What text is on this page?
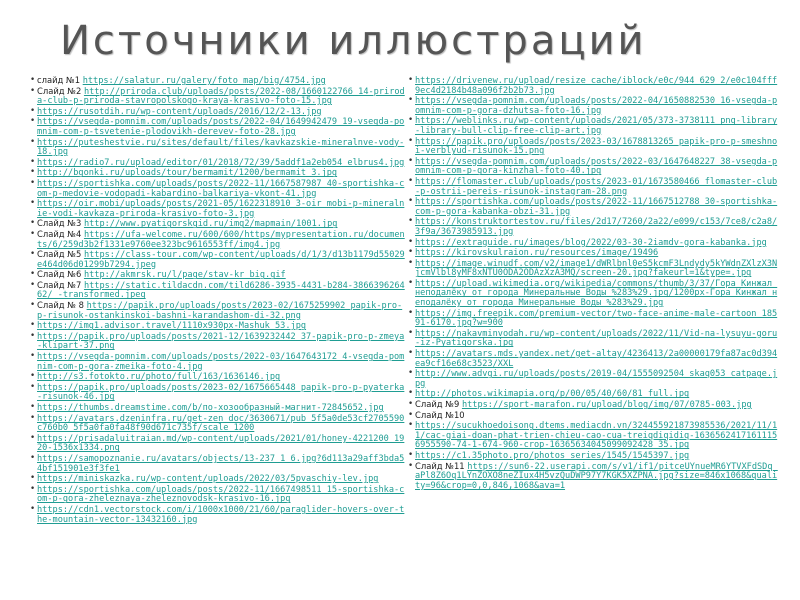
Источники иллюстраций
• слайд №1 https://salatur.ru/galery/foto_map/big/4754.jpg
• Слайд №2 http://priroda.club/uploads/posts/2022-08/1660122766_14-priroda-club-p-priroda-stavropolskogo-kraya-krasivo-foto-15.jpg
• https://rusotdih.ru/wp-content/uploads/2016/12/2-13.jpg
• https://vsegda-pomnim.com/uploads/posts/2022-04/1649942479_19-vsegda-pomnim-com-p-tsvetenie-plodovikh-derevev-foto-28.jpg
• https://puteshestvie.ru/sites/default/files/kavkazskie-mineralnve-vody-18.jpg
• https://radio7.ru/upload/editor/01/2018/72/39/5addf1a2eb054_elbrus4.jpg
• http://bgonki.ru/uploads/tour/bermamit/1200/bermamit_3.jpg
• https://sportishka.com/uploads/posts/2022-11/1667587987_40-sportishka-com-p-medovie-vodopadi-kabardino-balkariya-vkont-41.jpg
• https://oir.mobi/uploads/posts/2021-05/1622318910_3-oir_mobi-p-mineralnie-vodi-kavkaza-priroda-krasivo-foto-3.jpg
• Слайд №3 http://www.pyatigorskgid.ru/img2/mapmain/1001.jpg
• Слайд №4 https://ufa-welcome.ru/600/600/https/mypresentation.ru/documents/6/259d3b2f1331e9760ee323bc9616553ff/img4.jpg
• Слайд №5 https://class-tour.com/wp-content/uploads/d/1/3/d13b1179d55029e464d06d01299b7294.jpeg
• Слайд №6 http://akmrsk.ru/l/page/stav-kr_big.gif
• Слайд №7 https://static.tildacdn.com/tild6286-3935-4431-b284-386639626462/_-transformed.jpeg
• Слайд № 8 https://papik.pro/uploads/posts/2023-02/1675259902_papik-pro-p-risunok-ostankinskoi-bashni-karandashom-di-32.png
• https://img1.advisor.travel/1110x930px-Mashuk_53.jpg
• https://papik.pro/uploads/posts/2021-12/1639232442_37-papik-pro-p-zmeya-klipart-37.png
• https://vsegda-pomnim.com/uploads/posts/2022-03/1647643172_4-vsegda-pomnim-com-p-gora-zmeika-foto-4.jpg
• http://s3.fotokto.ru/photo/full/163/1636146.jpg
• https://papik.pro/uploads/posts/2023-02/1675665448_papik-pro-p-pyaterka-risunok-46.jpg
• https://thumbs.dreamstime.com/b/по-хозообразный-магнит-72845652.jpg
• https://avatars.dzeninfra.ru/get-zen_doc/3630671/pub_5f5a0de53cf2705590c760b0_5f5a0fa0fa48f90d671c735f/scale_1200
• https://prisadaluitraian.md/wp-content/uploads/2021/01/honey-4221200_1920-1536x1334.png
• https://samopoznanie.ru/avatars/objects/13-237_1_6.jpg?6d113a29aff3bda54bf151901e3f3fe1
• https://miniskazka.ru/wp-content/uploads/2022/03/5pvaschiy-lev.jpg
• https://sportishka.com/uploads/posts/2022-11/1667498511_15-sportishka-com-p-gora-zheleznaya-zheleznovodsk-krasivo-16.jpg
• https://cdn1.vectorstock.com/i/1000x1000/21/60/paraglider-hovers-over-the-mountain-vector-13432160.jpg
• https://drivenew.ru/upload/resize_cache/iblock/e0c/944_629_2/e0c104fff9ec4d2184b48a096f2b2b73.jpg
• https://vsegda-pomnim.com/uploads/posts/2022-04/1650882530_16-vsegda-pomnim-com-p-gora-dzhutsa-foto-16.jpg
• https://weblinks.ru/wp-content/uploads/2021/05/373-3738111_png-library-library-bull-clip-free-clip-art.jpg
• https://papik.pro/uploads/posts/2023-03/1678813265_papik-pro-p-smeshnoi-verblyud-risunok-15.png
• https://vsegda-pomnim.com/uploads/posts/2022-03/1647648227_38-vsegda-pomnim-com-p-gora-kinzhal-foto-40.jpg
• https://flomaster.club/uploads/posts/2023-01/1673580466_flomaster-club-p-ostrii-pereis-risunok-instagram-28.png
• https://sportishka.com/uploads/posts/2022-11/1667512788_30-sportishka-com-p-gora-kabanka-obzi-31.jpg
• https://konstruktortestov.ru/files/2d17/7260/2a22/e099/c153/7ce8/c2a8/3f9a/3673985913.jpg
• https://extraguide.ru/images/blog/2022/03-30-2iamdv-gora-kabanka.jpg
• https://kirovskulraion.ru/resources/image/19496
• https://image.winudf.com/v2/image1/dWRlbnl0eS5kcmF3Lndydy5kYWdnZXlzX3NjcmVlbl8yMF8xNTU0ODA2ODAzXzA3MQ/screen-20.jpg?fakeurl=1&type=.jpg
• https://upload.wikimedia.org/wikipedia/commons/thumb/3/37/Гора_Кинжал_неподалёку_от_города_Минеральные_Воды_%283%29.jpg/1200px-Гора_Кинжал_неподалёку_от_города_Минеральные_Воды_%283%29.jpg
• https://img.freepik.com/premium-vector/two-face-anime-male-cartoon_18591-6170.jpg?w=900
• https://nakavminvodah.ru/wp-content/uploads/2022/11/Vid-na-lysuyu-goru-iz-Pyatigorska.jpg
• https://avatars.mds.yandex.net/get-altay/4236413/2a00000179fa87ac0d394ea9cf16e68c3523/XXL
• http://www.advgi.ru/uploads/posts/2019-04/1555092504_skaq053_catpage.jpg
• http://photos.wikimapia.org/p/00/05/40/60/81_full.jpg
• Слайд №9 https://sport-marafon.ru/upload/blog/img/07/0785-003.jpg
• Слайд №10
• https://sucukhoedoisong.dtems.mediacdn.vn/324455921873985536/2021/11/11/cac-giai-doan-phat-trien-chieu-cao-cua-treiqdiqidiq-16365624171611156955590-74-1-674-960-crop-16365634045099092428 35.jpg
• https://c1.35photo.pro/photos_series/1545/1545397.jpg
• Слайд №11 https://sun6-22.userapi.com/s/v1/if1/pitceUYnueMR6YTVXFdSDq_aPl8Z6Oq1LYnZOXO8neZIux4H5vzQuDWP97Y7KGK5XZPNA.jpg?size=846x1068&quality=96&crop=0,0,846,1068&ava=1
